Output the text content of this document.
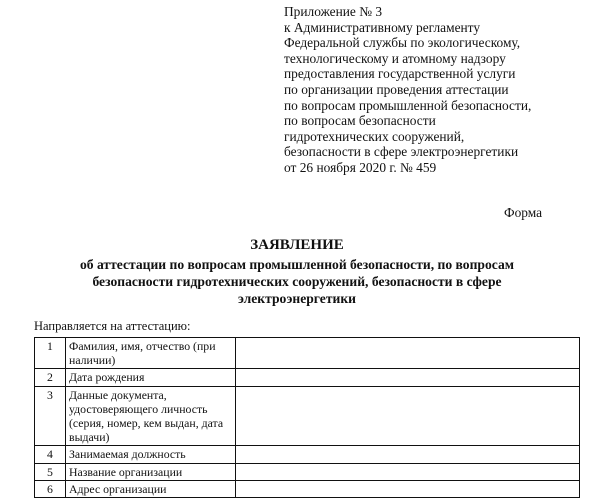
Приложение № 3
к Административному регламенту
Федеральной службы по экологическому,
технологическому и атомному надзору
предоставления государственной услуги
по организации проведения аттестации
по вопросам промышленной безопасности,
по вопросам безопасности
гидротехнических сооружений,
безопасности в сфере электроэнергетики
от 26 ноября 2020 г. № 459
Форма
ЗАЯВЛЕНИЕ
об аттестации по вопросам промышленной безопасности, по вопросам
безопасности гидротехнических сооружений, безопасности в сфере
электроэнергетики
Направляется на аттестацию:
1	Фамилия, имя, отчество (при наличии)	
2	Дата рождения	
3	Данные документа, удостоверяющего личность (серия, номер, кем выдан, дата выдачи)	
4	Занимаемая должность	
5	Название организации	
6	Адрес организации	
